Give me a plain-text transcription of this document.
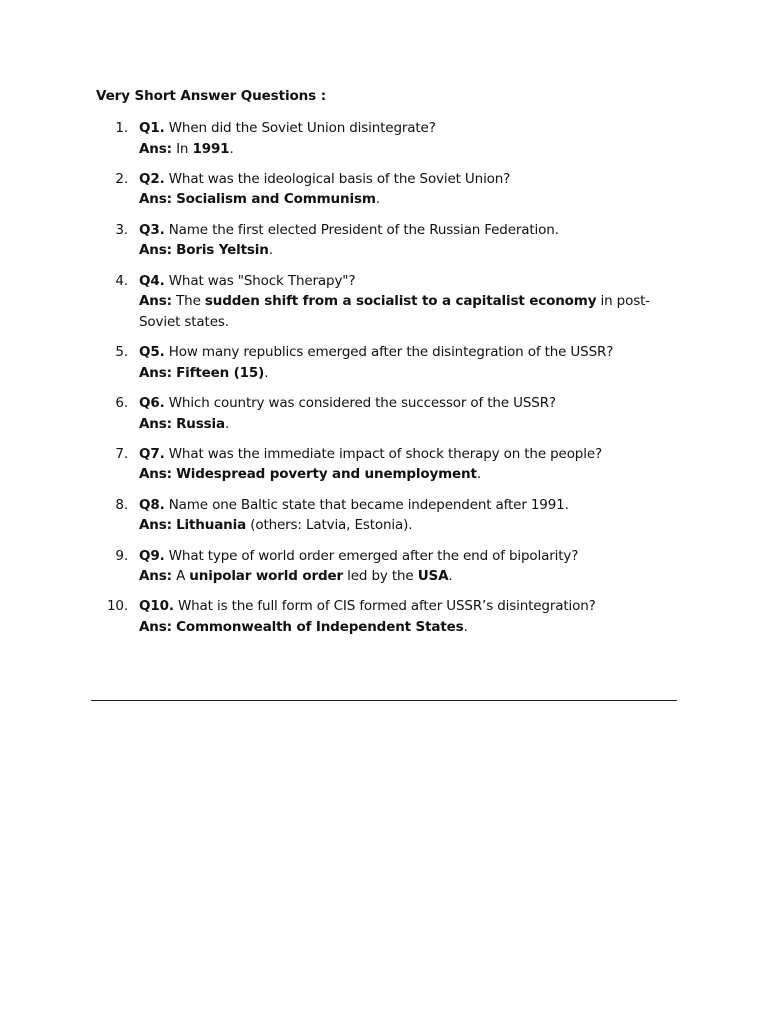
Very Short Answer Questions :
1. Q1. When did the Soviet Union disintegrate?
Ans: In 1991.
2. Q2. What was the ideological basis of the Soviet Union?
Ans: Socialism and Communism.
3. Q3. Name the first elected President of the Russian Federation.
Ans: Boris Yeltsin.
4. Q4. What was "Shock Therapy"?
Ans: The sudden shift from a socialist to a capitalist economy in post-Soviet states.
5. Q5. How many republics emerged after the disintegration of the USSR?
Ans: Fifteen (15).
6. Q6. Which country was considered the successor of the USSR?
Ans: Russia.
7. Q7. What was the immediate impact of shock therapy on the people?
Ans: Widespread poverty and unemployment.
8. Q8. Name one Baltic state that became independent after 1991.
Ans: Lithuania (others: Latvia, Estonia).
9. Q9. What type of world order emerged after the end of bipolarity?
Ans: A unipolar world order led by the USA.
10. Q10. What is the full form of CIS formed after USSR’s disintegration?
Ans: Commonwealth of Independent States.
